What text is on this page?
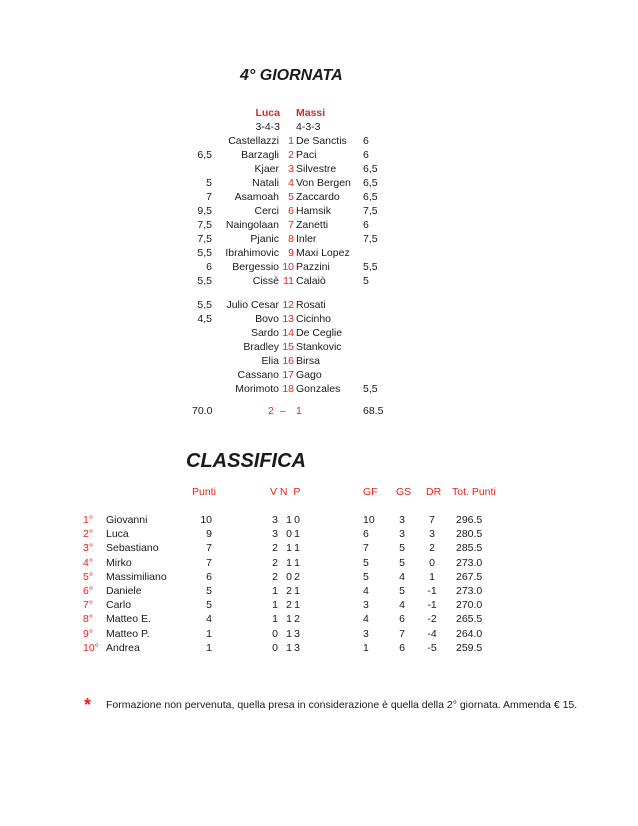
4° GIORNATA
Luca Massi
3-4-3 4-3-3
Castellazzi 1 De Sanctis 6
6,5	Barzagli 2 Paci	6
Kjaer 3 Silvestre	6,5
5	Natali 4 Von Bergen 6,5
7	Asamoah 5 Zaccardo 6,5
9,5	Cerci 6 Hamsik	7,5
7,5	Naingolaan 7 Zanetti	6
7,5	Pjanic 8 Inler	7,5
5,5	Ibrahimovic 9 Maxi Lopez
6	Bergessio 10 Pazzini	5,5
5,5	Cissè 11 Calaiò	5
5,5	Julio Cesar 12 Rosati
4,5	Bovo 13 Cicinho
Sardo 14 De Ceglie
Bradley 15 Stankovic
Elia 16 Birsa
Cassano 17 Gago
Morimoto 18 Gonzales 5,5
70.0	2 – 1	68.5
CLASSIFICA
Punti	V N  P	GF GS DR Tot. Punti
1° Giovanni	10	3 1 0	10	3	7	296.5
2° Luca	9	3 0 1	6	3	3	280.5
3° Sebastiano	7	2 1 1	7	5	2	285.5
4° Mirko	7	2 1 1	5	5	0	273.0
5° Massimiliano	6	2 0 2	5	4	1	267.5
6° Daniele	5	1 2 1	4	5	-1	273.0
7° Carlo	5	1 2 1	3	4	-1	270.0
8° Matteo E.	4	1 1 2	4	6	-2	265.5
9° Matteo P.	1	0 1 3	3	7	-4	264.0
10° Andrea	1	0 1 3	1	6	-5	259.5
* Formazione non pervenuta, quella presa in considerazione è quella della 2° giornata. Ammenda € 15.
